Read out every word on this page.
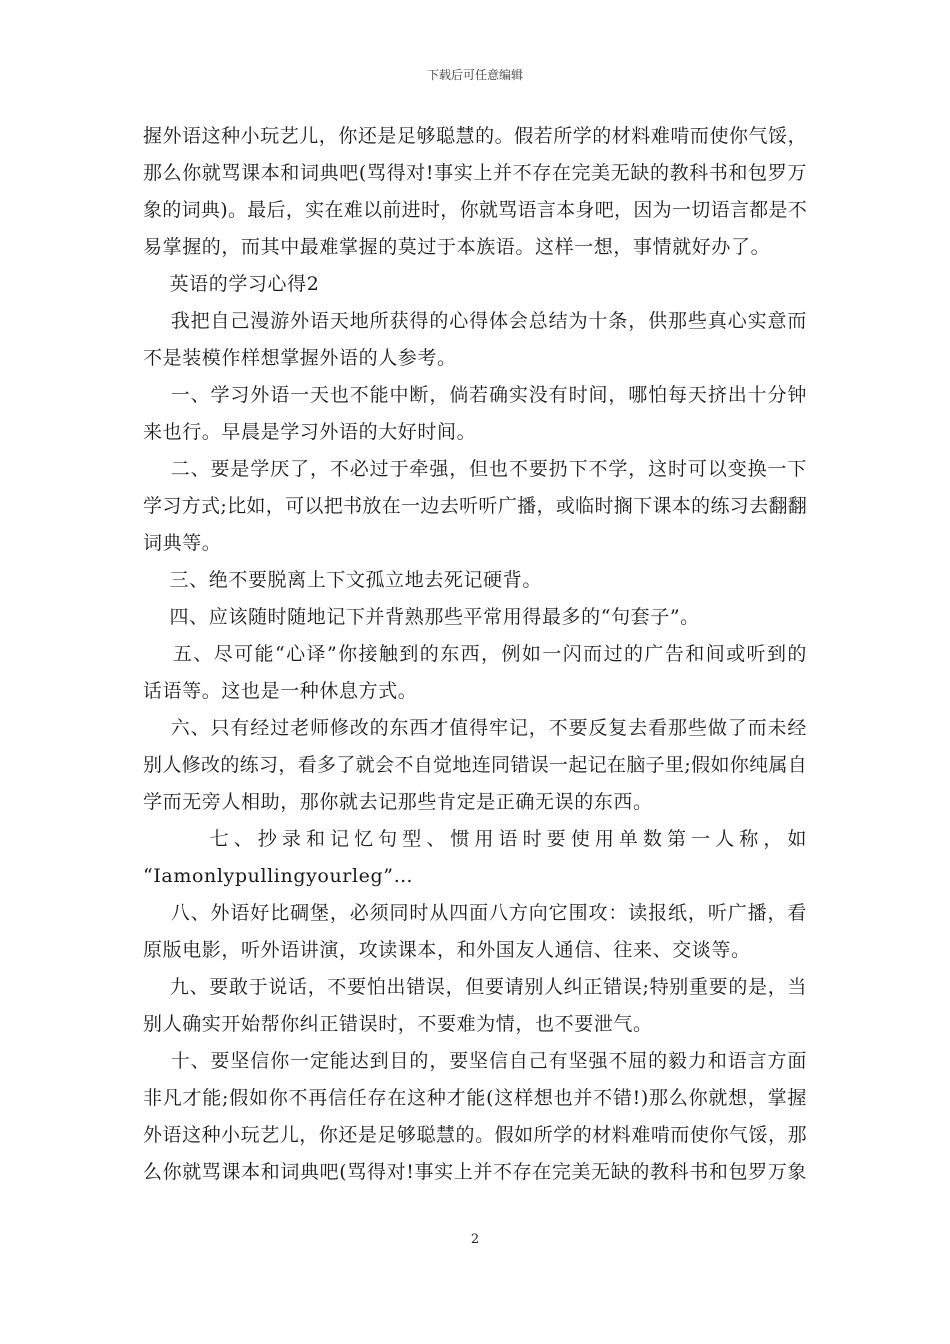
下载后可任意编辑
握外语这种小玩艺儿，你还是足够聪慧的。假若所学的材料难啃而使你气馁，
那么你就骂课本和词典吧(骂得对!事实上并不存在完美无缺的教科书和包罗万
象的词典)。最后，实在难以前进时，你就骂语言本身吧，因为一切语言都是不
易掌握的，而其中最难掌握的莫过于本族语。这样一想，事情就好办了。
英语的学习心得2
我把自己漫游外语天地所获得的心得体会总结为十条，供那些真心实意而
不是装模作样想掌握外语的人参考。
一、学习外语一天也不能中断，倘若确实没有时间，哪怕每天挤出十分钟
来也行。早晨是学习外语的大好时间。
二、要是学厌了，不必过于牵强，但也不要扔下不学，这时可以变换一下
学习方式;比如，可以把书放在一边去听听广播，或临时搁下课本的练习去翻翻
词典等。
三、绝不要脱离上下文孤立地去死记硬背。
四、应该随时随地记下并背熟那些平常用得最多的“句套子”。
五、尽可能“心译”你接触到的东西，例如一闪而过的广告和间或听到的
话语等。这也是一种休息方式。
六、只有经过老师修改的东西才值得牢记，不要反复去看那些做了而未经
别人修改的练习，看多了就会不自觉地连同错误一起记在脑子里;假如你纯属自
学而无旁人相助，那你就去记那些肯定是正确无误的东西。
七、抄录和记忆句型、惯用语时要使用单数第一人称，如
“Iamonlypullingyourleg”…
八、外语好比碉堡，必须同时从四面八方向它围攻：读报纸，听广播，看
原版电影，听外语讲演，攻读课本，和外国友人通信、往来、交谈等。
九、要敢于说话，不要怕出错误，但要请别人纠正错误;特别重要的是，当
别人确实开始帮你纠正错误时，不要难为情，也不要泄气。
十、要坚信你一定能达到目的，要坚信自己有坚强不屈的毅力和语言方面
非凡才能;假如你不再信任存在这种才能(这样想也并不错!)那么你就想，掌握
外语这种小玩艺儿，你还是足够聪慧的。假如所学的材料难啃而使你气馁，那
么你就骂课本和词典吧(骂得对!事实上并不存在完美无缺的教科书和包罗万象
2
